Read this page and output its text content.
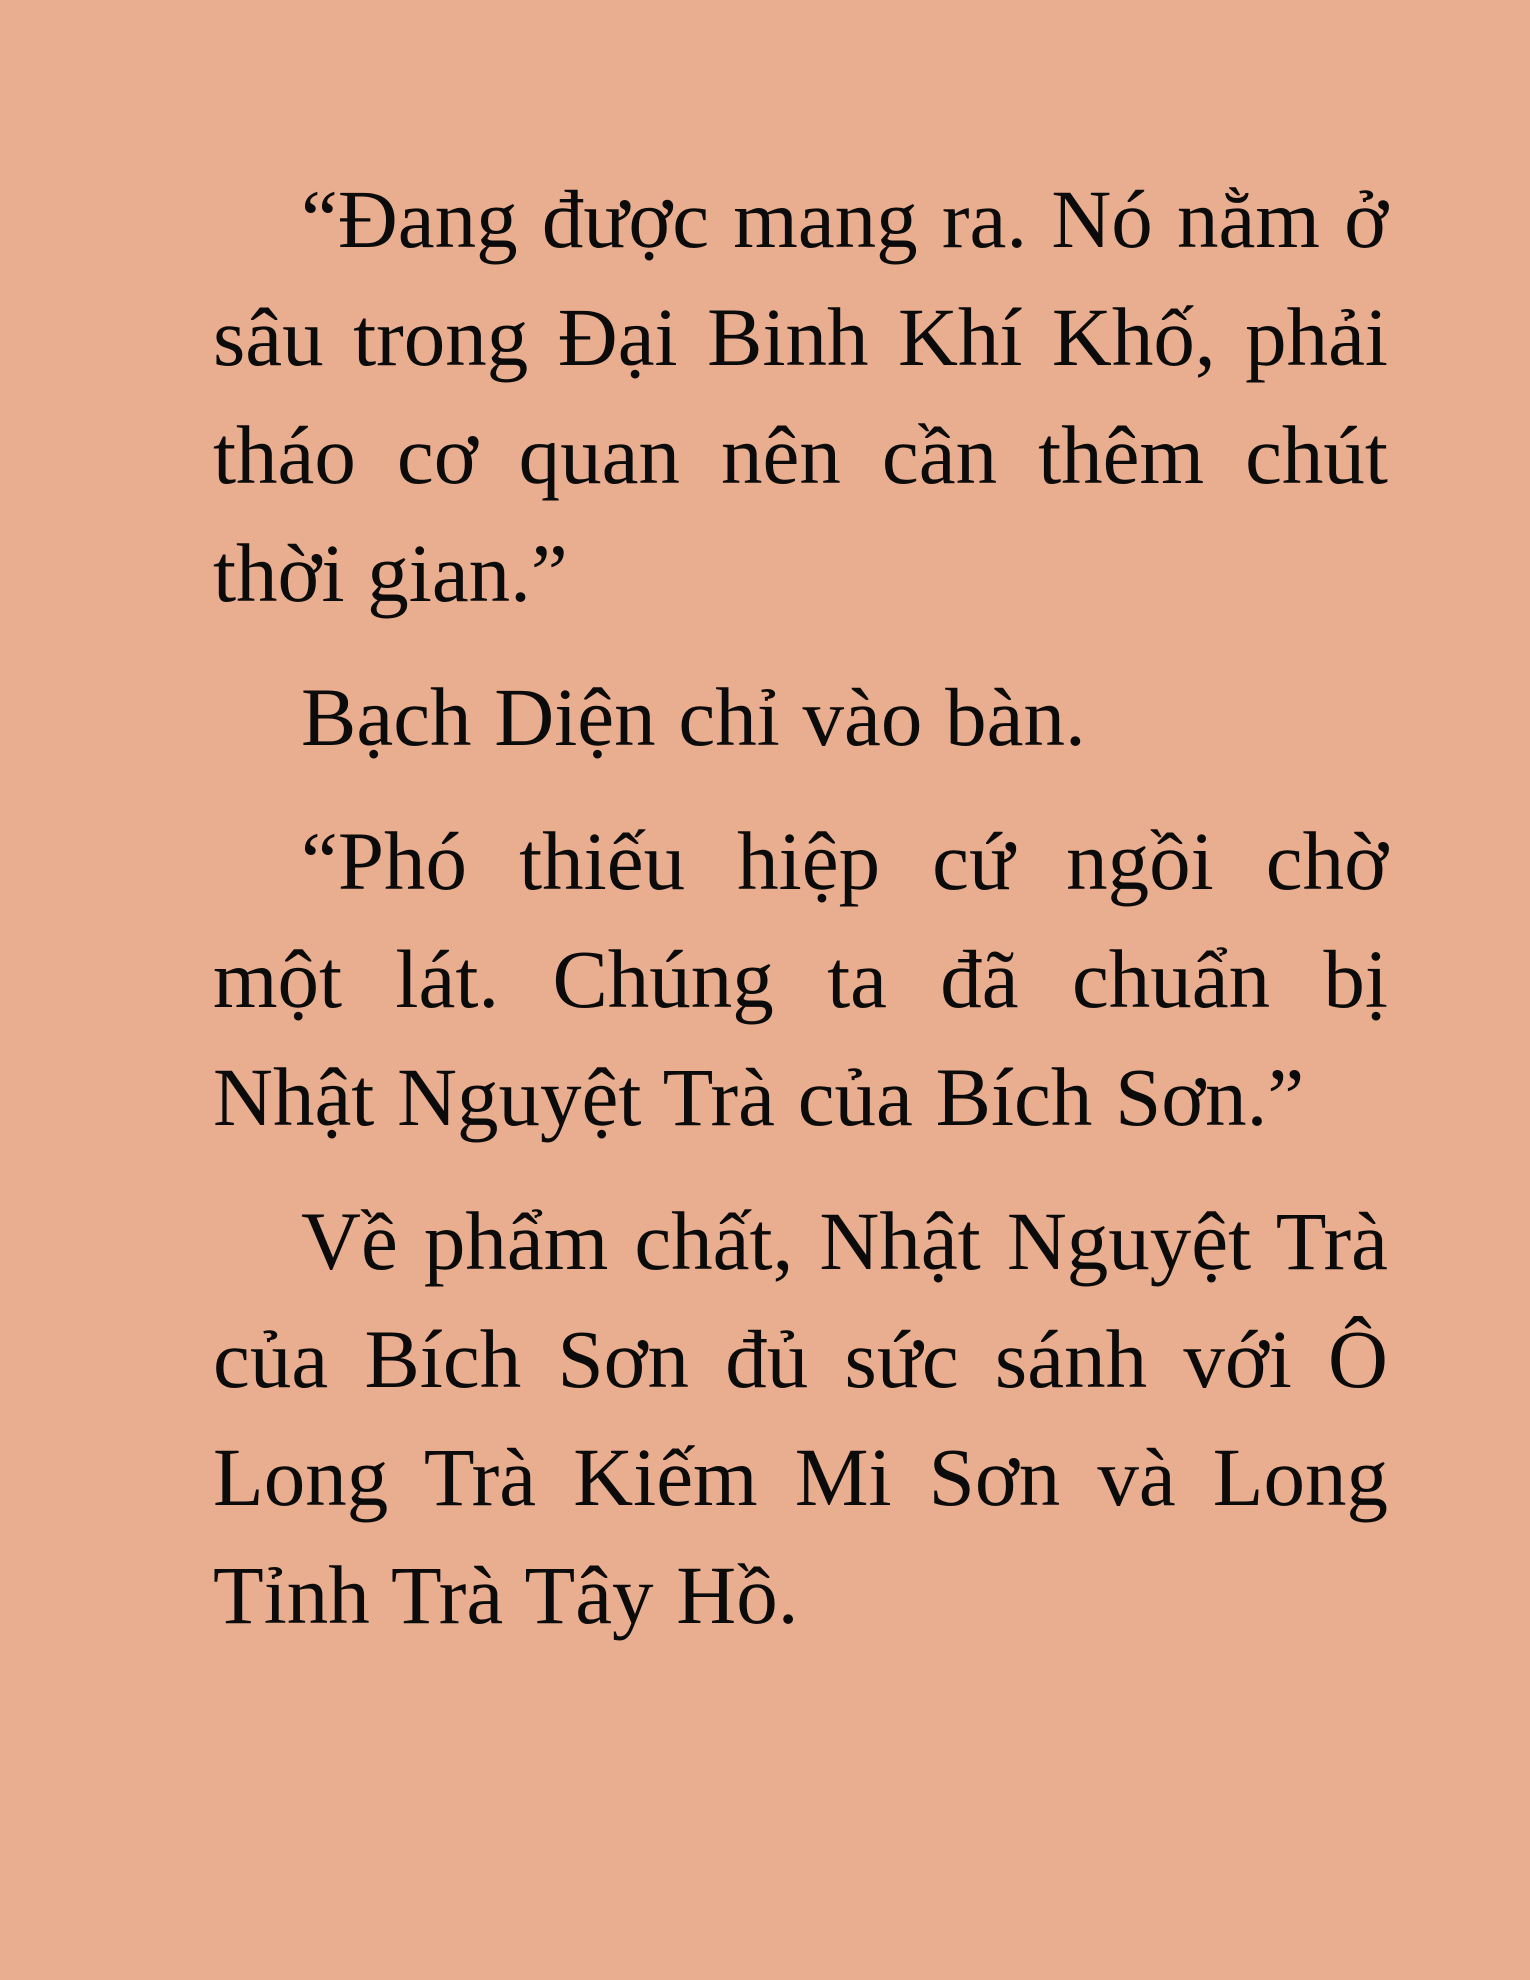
“Đang được mang ra. Nó nằm ở sâu trong Đại Binh Khí Khố, phải tháo cơ quan nên cần thêm chút thời gian.”

Bạch Diện chỉ vào bàn.

“Phó thiếu hiệp cứ ngồi chờ một lát. Chúng ta đã chuẩn bị Nhật Nguyệt Trà của Bích Sơn.”

Về phẩm chất, Nhật Nguyệt Trà của Bích Sơn đủ sức sánh với Ô Long Trà Kiếm Mi Sơn và Long Tỉnh Trà Tây Hồ.
